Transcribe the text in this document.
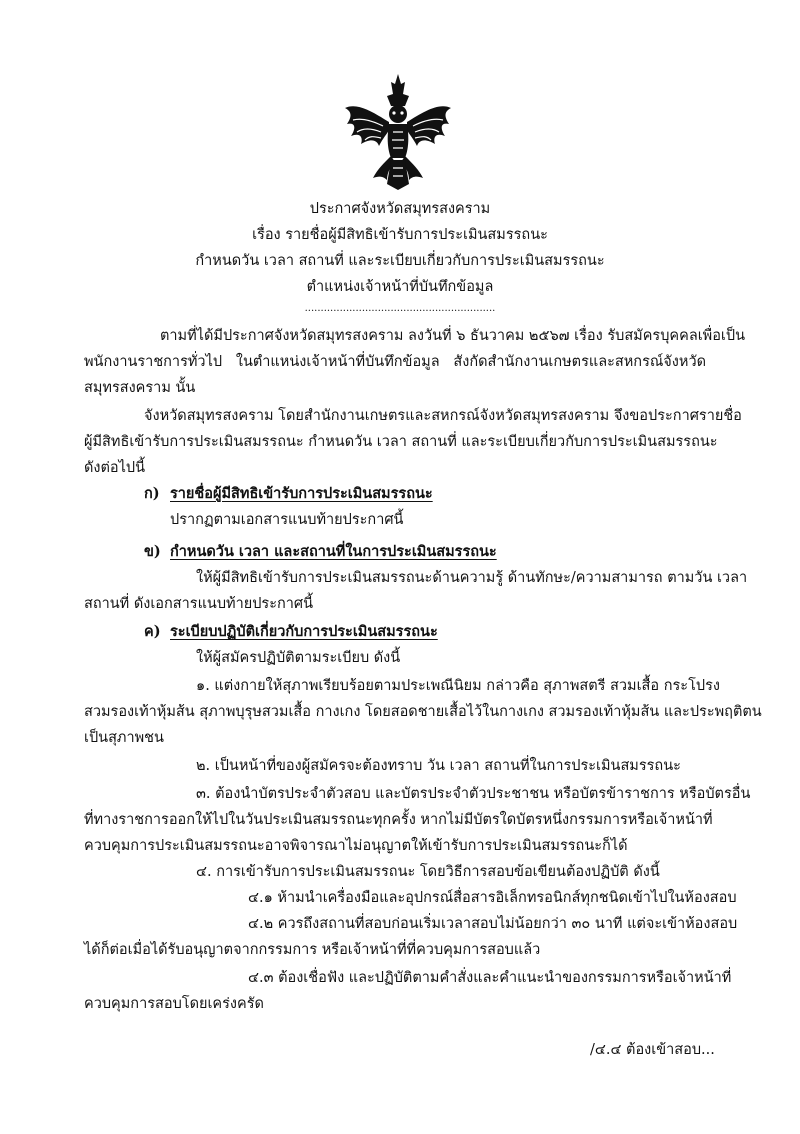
ประกาศจังหวัดสมุทรสงคราม
เรื่อง รายชื่อผู้มีสิทธิเข้ารับการประเมินสมรรถนะ
กำหนดวัน เวลา สถานที่ และระเบียบเกี่ยวกับการประเมินสมรรถนะ
ตำแหน่งเจ้าหน้าที่บันทึกข้อมูล
............................................................
ตามที่ได้มีประกาศจังหวัดสมุทรสงคราม ลงวันที่ ๖ ธันวาคม ๒๕๖๗ เรื่อง รับสมัครบุคคลเพื่อเป็น
พนักงานราชการทั่วไป ในตำแหน่งเจ้าหน้าที่บันทึกข้อมูล สังกัดสำนักงานเกษตรและสหกรณ์จังหวัด
สมุทรสงคราม นั้น
จังหวัดสมุทรสงคราม โดยสำนักงานเกษตรและสหกรณ์จังหวัดสมุทรสงคราม จึงขอประกาศรายชื่อ
ผู้มีสิทธิเข้ารับการประเมินสมรรถนะ กำหนดวัน เวลา สถานที่ และระเบียบเกี่ยวกับการประเมินสมรรถนะ
ดังต่อไปนี้
ก) รายชื่อผู้มีสิทธิเข้ารับการประเมินสมรรถนะ
ปรากฏตามเอกสารแนบท้ายประกาศนี้
ข) กำหนดวัน เวลา และสถานที่ในการประเมินสมรรถนะ
ให้ผู้มีสิทธิเข้ารับการประเมินสมรรถนะด้านความรู้ ด้านทักษะ/ความสามารถ ตามวัน เวลา
สถานที่ ดังเอกสารแนบท้ายประกาศนี้
ค) ระเบียบปฏิบัติเกี่ยวกับการประเมินสมรรถนะ
ให้ผู้สมัครปฏิบัติตามระเบียบ ดังนี้
๑. แต่งกายให้สุภาพเรียบร้อยตามประเพณีนิยม กล่าวคือ สุภาพสตรี สวมเสื้อ กระโปรง
สวมรองเท้าหุ้มส้น สุภาพบุรุษสวมเสื้อ กางเกง โดยสอดชายเสื้อไว้ในกางเกง สวมรองเท้าหุ้มส้น และประพฤติตน
เป็นสุภาพชน
๒. เป็นหน้าที่ของผู้สมัครจะต้องทราบ วัน เวลา สถานที่ในการประเมินสมรรถนะ
๓. ต้องนำบัตรประจำตัวสอบ และบัตรประจำตัวประชาชน หรือบัตรข้าราชการ หรือบัตรอื่น
ที่ทางราชการออกให้ไปในวันประเมินสมรรถนะทุกครั้ง หากไม่มีบัตรใดบัตรหนึ่งกรรมการหรือเจ้าหน้าที่
ควบคุมการประเมินสมรรถนะอาจพิจารณาไม่อนุญาตให้เข้ารับการประเมินสมรรถนะก็ได้
๔. การเข้ารับการประเมินสมรรถนะ โดยวิธีการสอบข้อเขียนต้องปฏิบัติ ดังนี้
๔.๑ ห้ามนำเครื่องมือและอุปกรณ์สื่อสารอิเล็กทรอนิกส์ทุกชนิดเข้าไปในห้องสอบ
๔.๒ ควรถึงสถานที่สอบก่อนเริ่มเวลาสอบไม่น้อยกว่า ๓๐ นาที แต่จะเข้าห้องสอบ
ได้ก็ต่อเมื่อได้รับอนุญาตจากกรรมการ หรือเจ้าหน้าที่ที่ควบคุมการสอบแล้ว
๔.๓ ต้องเชื่อฟัง และปฏิบัติตามคำสั่งและคำแนะนำของกรรมการหรือเจ้าหน้าที่
ควบคุมการสอบโดยเคร่งครัด
/๔.๔ ต้องเข้าสอบ...
